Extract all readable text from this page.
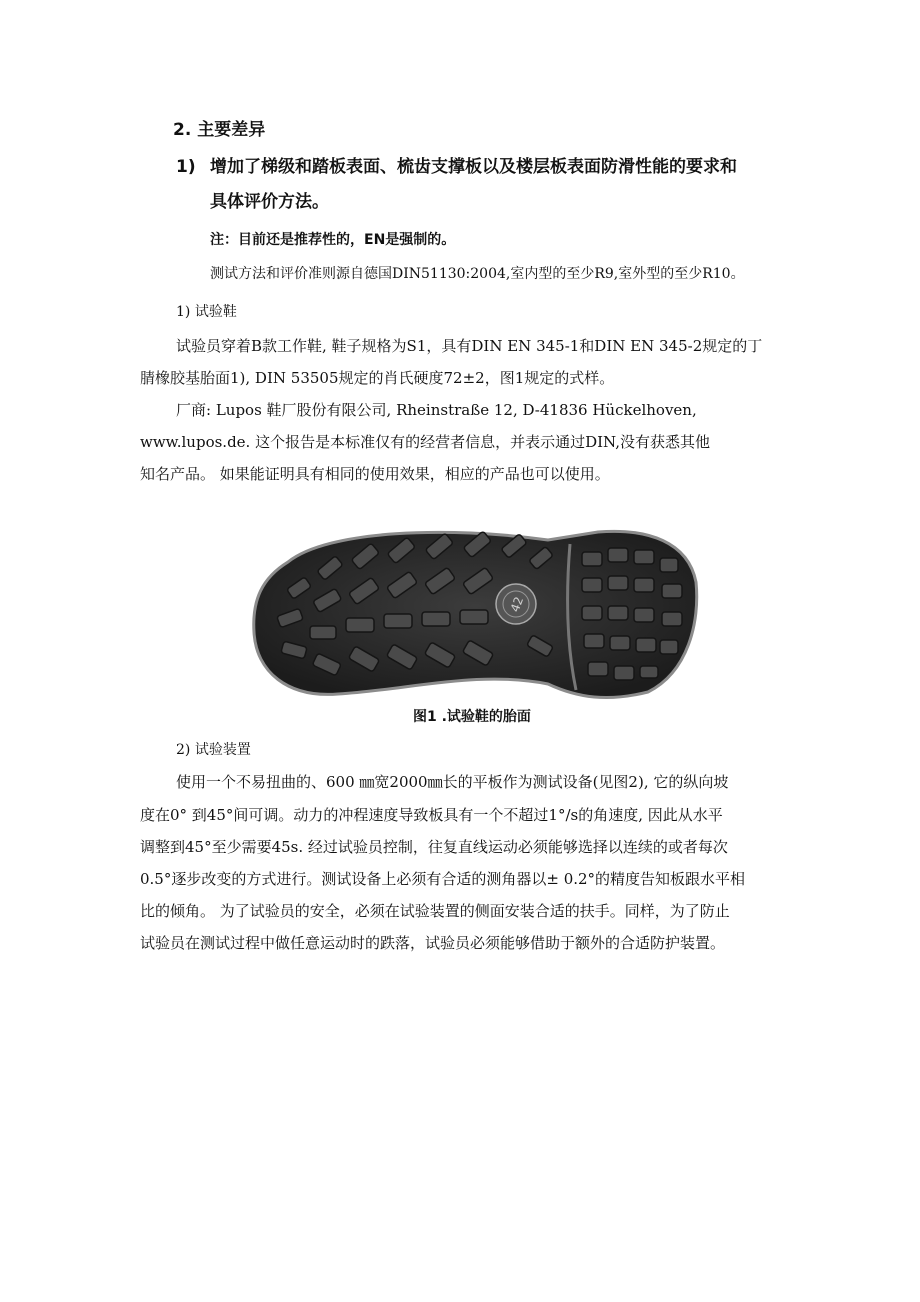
2. 主要差异
1) 增加了梯级和踏板表面、梳齿支撑板以及楼层板表面防滑性能的要求和
具体评价方法。
注：目前还是推荐性的，EN是强制的。
测试方法和评价准则源自德国DIN51130:2004,室内型的至少R9,室外型的至少R10。
1) 试验鞋
试验员穿着B款工作鞋, 鞋子规格为S1，具有DIN EN 345-1和DIN EN 345-2规定的丁
腈橡胶基胎面1), DIN 53505规定的肖氏硬度72±2，图1规定的式样。
厂商: Lupos 鞋厂股份有限公司, Rheinstraße 12, D-41836 Hückelhoven,
www.lupos.de. 这个报告是本标准仅有的经营者信息，并表示通过DIN,没有获悉其他
知名产品。 如果能证明具有相同的使用效果，相应的产品也可以使用。
42
图1 .试验鞋的胎面
2) 试验装置
使用一个不易扭曲的、600 ㎜宽2000㎜长的平板作为测试设备(见图2), 它的纵向坡
度在0° 到45°间可调。动力的冲程速度导致板具有一个不超过1°/s的角速度, 因此从水平
调整到45°至少需要45s. 经过试验员控制，往复直线运动必须能够选择以连续的或者每次
0.5°逐步改变的方式进行。测试设备上必须有合适的测角器以± 0.2°的精度告知板跟水平相
比的倾角。 为了试验员的安全，必须在试验装置的侧面安装合适的扶手。同样，为了防止
试验员在测试过程中做任意运动时的跌落，试验员必须能够借助于额外的合适防护装置。
